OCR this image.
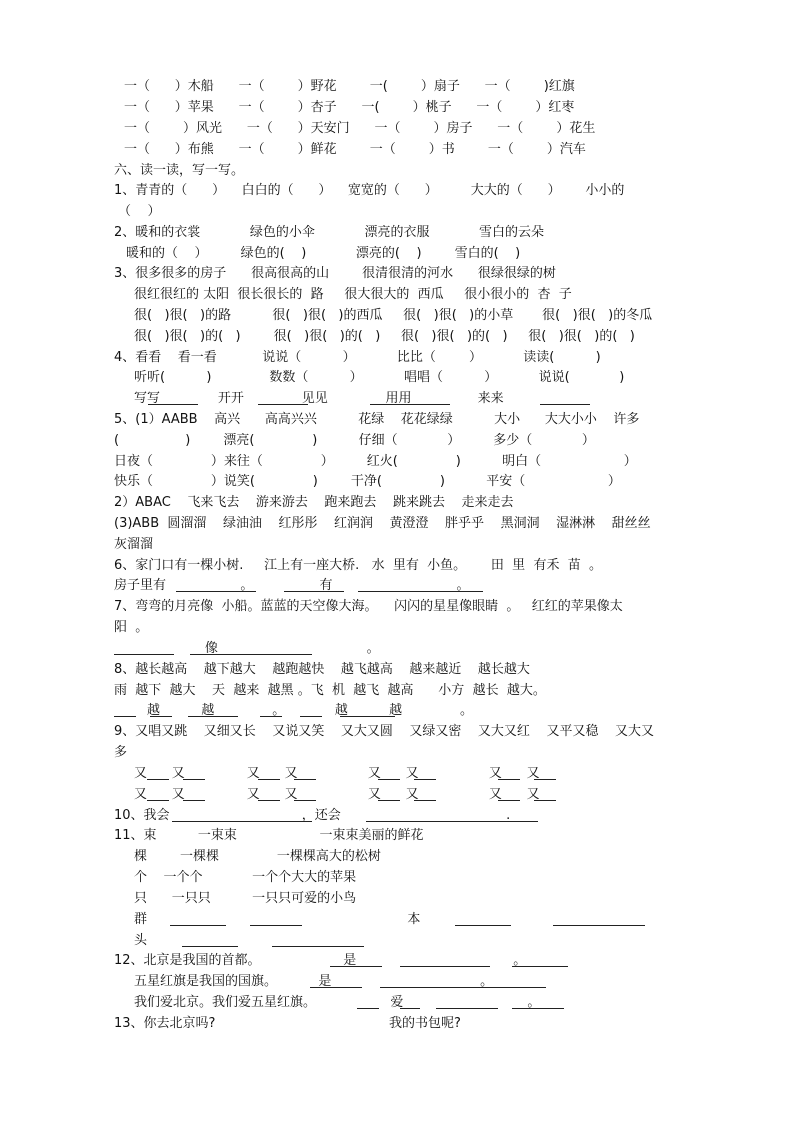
一（      ）木船      一（        ）野花        一(        ）扇子      一（        )红旗
一（      ）苹果      一（        ）杏子      一(        ）桃子      一（        ）红枣
一（        ）风光      一（      ）天安门      一（        ）房子      一（        ）花生
一（      ）布熊      一（        ）鲜花        一（        ）书        一（        ）汽车
六、读一读，写一写。
1、青青的（      ）    白白的（      ）    宽宽的（      ）        大大的（      ）      小小的
（    ）
2、暖和的衣裳            绿色的小伞            漂亮的衣服            雪白的云朵
暖和的（    ）        绿色的(    )            漂亮的(    )        雪白的(    )
3、很多很多的房子      很高很高的山        很清很清的河水      很绿很绿的树
很红很红的 太阳  很长很长的  路     很大很大的  西瓜     很小很小的  杏  子
很(   )很(   )的路          很(   )很(   )的西瓜     很(   )很(   )的小草       很(   )很(   )的冬瓜
很(   )很(   )的(   )        很(   )很(   )的(   )     很(   )很(   )的(   )     很(   )很(   )的(   )
4、看看    看一看           说说（          ）          比比（        ）          读读(          )
听听(          )              数数（          ）          唱唱（          ）          说说(            )
写写              开开              见见              用用                来来
5、(1）AABB    高兴      高高兴兴          花绿    花花绿绿          大小      大大小小    许多
(                )        漂亮(              )          仔细（            ）        多少（            ）
日夜（              ）来往（              ）        红火(              )          明白（                    ）
快乐（              ）说笑(              )        干净(              )          平安（                    ）
2）ABAC    飞来飞去    游来游去    跑来跑去    跳来跳去    走来走去
(3)ABB  圆溜溜    绿油油    红彤彤    红润润    黄澄澄    胖乎乎    黑洞洞    湿淋淋    甜丝丝
灰溜溜
6、家门口有一棵小树.     江上有一座大桥.   水  里有  小鱼。      田  里  有禾  苗  。
房子里有                  。                有                              。
7、弯弯的月亮像  小船。蓝蓝的天空像大海。    闪闪的星星像眼睛  。   红红的苹果像太
阳  。
像                                    。
8、越长越高    越下越大    越跑越快    越飞越高    越来越近    越长越大
雨  越下  越大    天  越来  越黑 。飞  机  越飞  越高      小方  越长  越大。
越          越              。            越          越              。
9、又唱又跳    又细又长    又说又笑    又大又圆    又绿又密    又大又红    又平又稳    又大又
多
又      又               又      又                 又      又                 又      又
又      又               又      又                 又      又                 又      又
10、我会                                ，还会                                        .
11、束          一束束                    一束束美丽的鲜花
棵        一棵棵              一棵棵高大的松树
个    一个个            一个个大大的苹果
只      一只只          一只只可爱的小鸟
群                                                               本
头
12、北京是我国的首都。                    是                                      。
五星红旗是我国的国旗。          是                                    。
我们爱北京。我们爱五星红旗。                  爱                              。
13、你去北京吗?                                          我的书包呢?
